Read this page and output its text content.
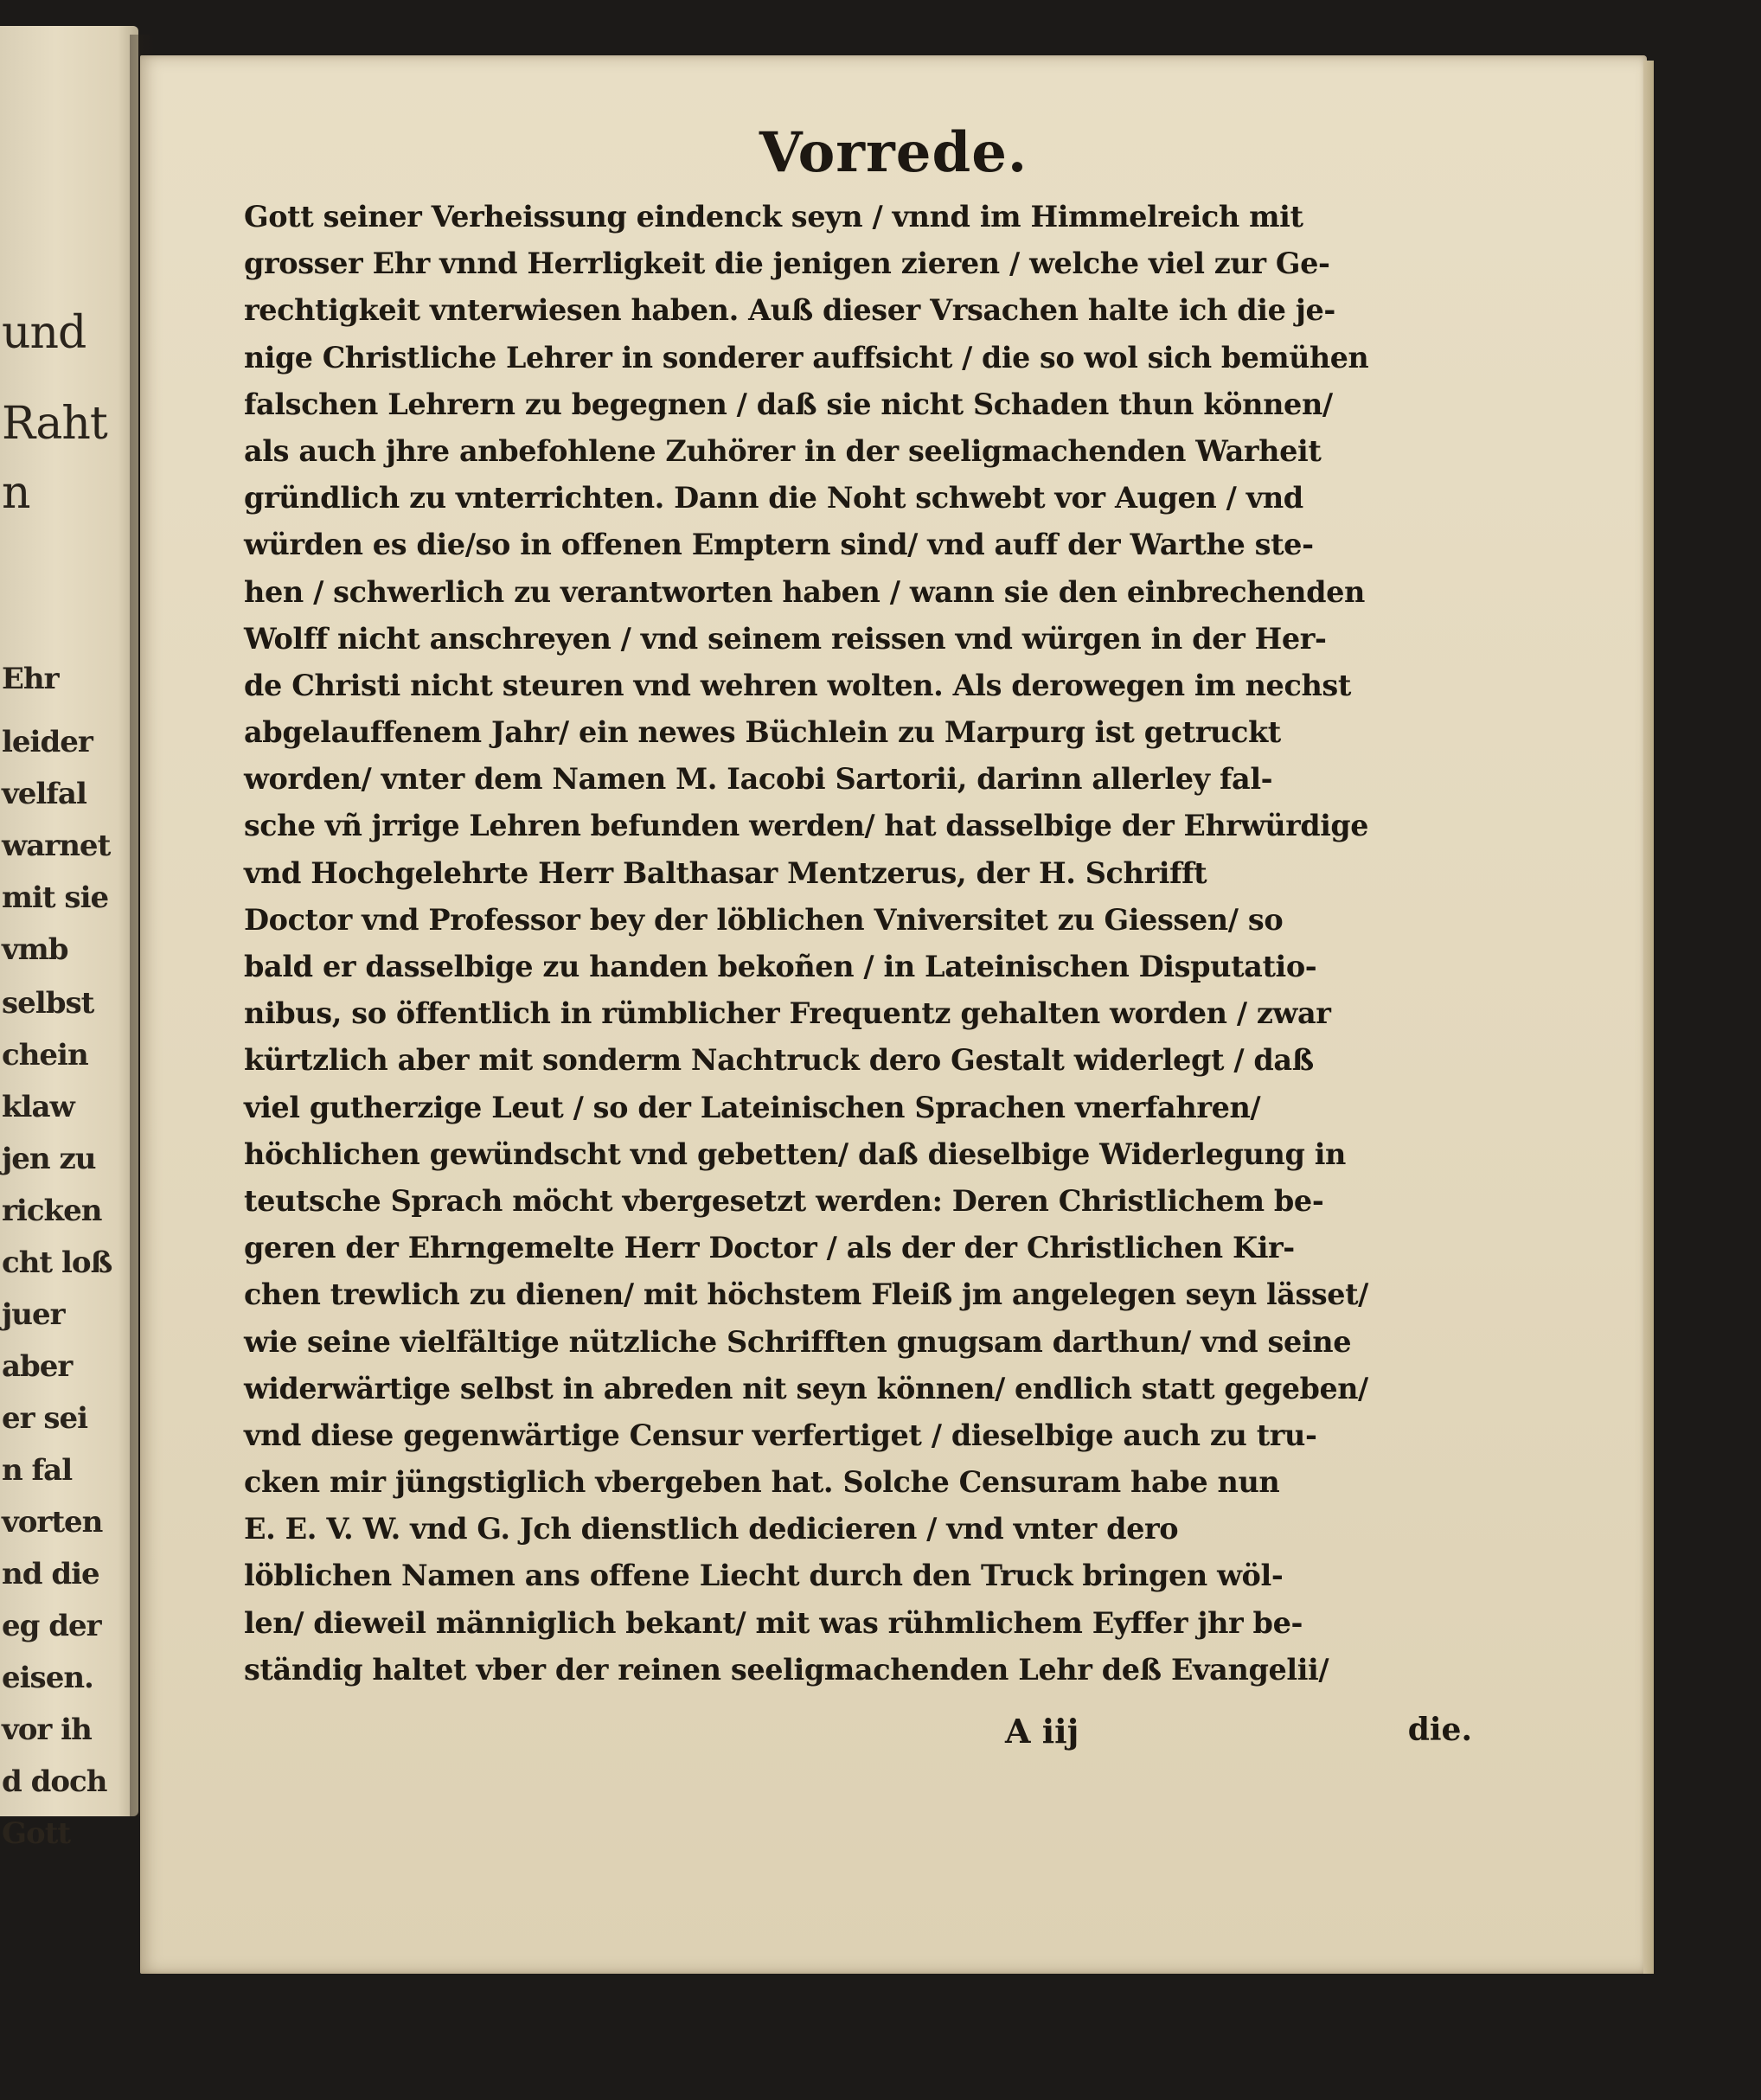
und
Raht
n
Ehr
leider
velfal
warnet
mit sie
vmb
selbst
chein
klaw
jen zu
ricken
cht loß
juer
aber
er sei
n fal
vorten
nd die
eg der
eisen.
vor ih
d doch
Gott
Vorrede.
Gott seiner Verheissung eindenck seyn / vnnd im Himmelreich mit
grosser Ehr vnnd Herrligkeit die jenigen zieren / welche viel zur Ge-
rechtigkeit vnterwiesen haben. Auß dieser Vrsachen halte ich die je-
nige Christliche Lehrer in sonderer auffsicht / die so wol sich bemühen
falschen Lehrern zu begegnen / daß sie nicht Schaden thun können/
als auch jhre anbefohlene Zuhörer in der seeligmachenden Warheit
gründlich zu vnterrichten. Dann die Noht schwebt vor Augen / vnd
würden es die/so in offenen Emptern sind/ vnd auff der Warthe ste-
hen / schwerlich zu verantworten haben / wann sie den einbrechenden
Wolff nicht anschreyen / vnd seinem reissen vnd würgen in der Her-
de Christi nicht steuren vnd wehren wolten. Als derowegen im nechst
abgelauffenem Jahr/ ein newes Büchlein zu Marpurg ist getruckt
worden/ vnter dem Namen M. Iacobi Sartorii, darinn allerley fal-
sche vñ jrrige Lehren befunden werden/ hat dasselbige der Ehrwürdige
vnd Hochgelehrte Herr Balthasar Mentzerus, der H. Schrifft
Doctor vnd Professor bey der löblichen Vniversitet zu Giessen/ so
bald er dasselbige zu handen bekoñen / in Lateinischen Disputatio-
nibus, so öffentlich in rümblicher Frequentz gehalten worden / zwar
kürtzlich aber mit sonderm Nachtruck dero Gestalt widerlegt / daß
viel gutherzige Leut / so der Lateinischen Sprachen vnerfahren/
höchlichen gewündscht vnd gebetten/ daß dieselbige Widerlegung in
teutsche Sprach möcht vbergesetzt werden: Deren Christlichem be-
geren der Ehrngemelte Herr Doctor / als der der Christlichen Kir-
chen trewlich zu dienen/ mit höchstem Fleiß jm angelegen seyn lässet/
wie seine vielfältige nützliche Schrifften gnugsam darthun/ vnd seine
widerwärtige selbst in abreden nit seyn können/ endlich statt gegeben/
vnd diese gegenwärtige Censur verfertiget / dieselbige auch zu tru-
cken mir jüngstiglich vbergeben hat. Solche Censuram habe nun
E. E. V. W. vnd G. Jch dienstlich dedicieren / vnd vnter dero
löblichen Namen ans offene Liecht durch den Truck bringen wöl-
len/ dieweil männiglich bekant/ mit was rühmlichem Eyffer jhr be-
ständig haltet vber der reinen seeligmachenden Lehr deß Evangelii/
A iij	die.
